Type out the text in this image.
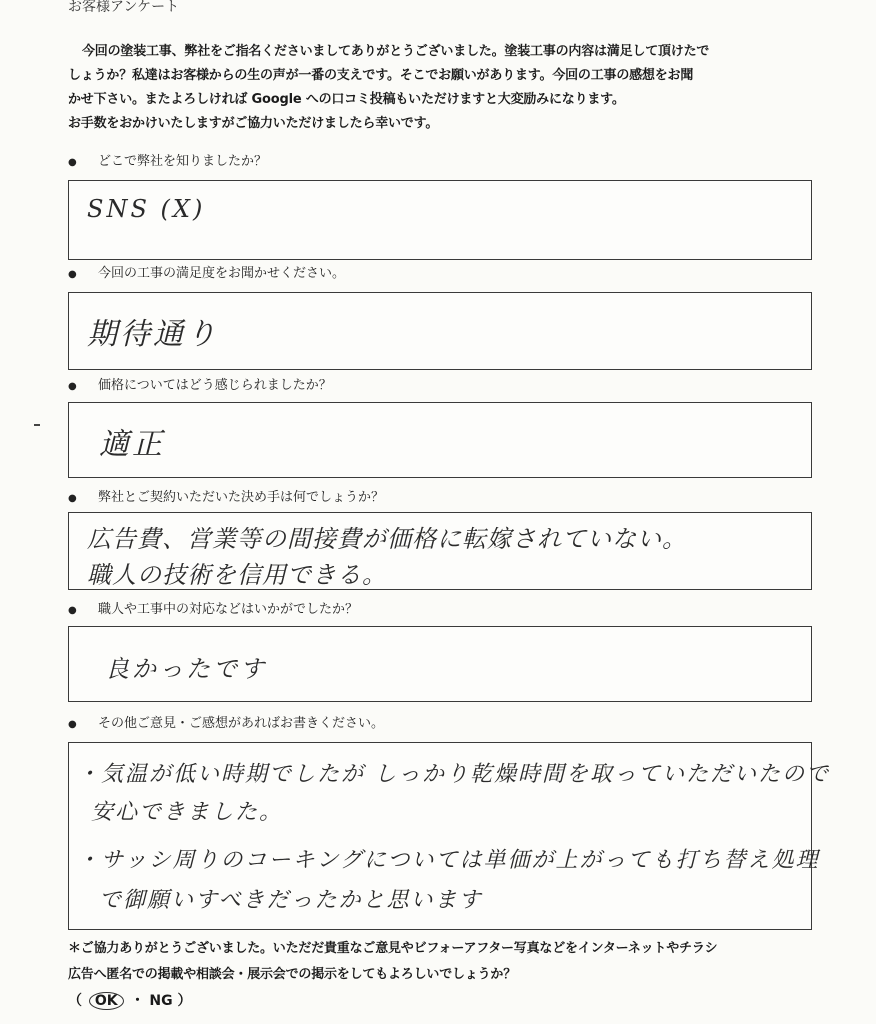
お客様アンケート
今回の塗装工事、弊社をご指名くださいましてありがとうございました。塗装工事の内容は満足して頂けたで
しょうか？私達はお客様からの生の声が一番の支えです。そこでお願いがあります。今回の工事の感想をお聞
かせ下さい。またよろしければ Google への口コミ投稿もいただけますと大変励みになります。
お手数をおかけいたしますがご協力いただけましたら幸いです。
● どこで弊社を知りましたか？
SNS (X)
● 今回の工事の満足度をお聞かせください。
期待通り
● 価格についてはどう感じられましたか？
適正
● 弊社とご契約いただいた決め手は何でしょうか？
広告費、営業等の間接費が価格に転嫁されていない。
職人の技術を信用できる。
● 職人や工事中の対応などはいかがでしたか？
良かったです
● その他ご意見・ご感想があればお書きください。
・気温が低い時期でしたが しっかり乾燥時間を取っていただいたので
安心できました。
・サッシ周りのコーキングについては単価が上がっても打ち替え処理
で御願いすべきだったかと思います
＊ご協力ありがとうございました。いただだ貴重なご意見やビフォーアフター写真などをインターネットやチラシ
広告へ匿名での掲載や相談会・展示会での掲示をしてもよろしいでしょうか？
（ OK ・ NG ）
